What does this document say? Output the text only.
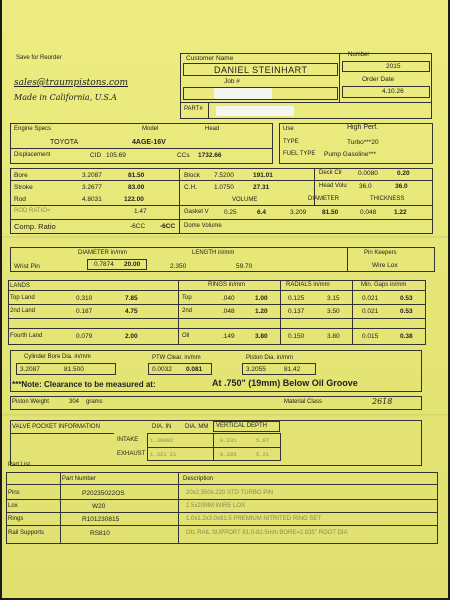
Save for Reorder
sales@traumpistons.com
Made in California, U.S.A
Customer Name	Number
DANIEL STEINHART	2015
Job #	Order Date
4.10.26
PART#
Engine Specs	Model	Head
TOYOTA	4AGE-16V
Displacement	CID 105.69	CCs 1732.66
Use	High Perf.
TYPE	Turbo***20
FUEL TYPE Pump Gasoline***
Bore	3.2087	81.50
Stroke	3.2677	83.00
Rod	4.8031	122.00
ROD RATIO=	1.47
Comp. Ratio	-6CC -6CC
Block 7.5200	191.01
C.H.	1.0750	27.31
Deck Clr 0.0080	0.20
Head Volu 36.0	36.0
VOLUME	DIAMETER	THICKNESS
Gasket V 0.25	6.4	3.209 81.50	0.048	1.22
Dome Volume
DIAMETER in/mm	LENGTH in/mm	Pin Keepers
Wrist Pin	0.7874 20.00	2.350	59.70	Wire Lox
LANDS	RINGS in/mm	RADIALS in/mm	Min. Gaps in/mm
Top Land	0.310	7.85	Top	.040	1.00	0.125	3.15	0.021	0.53
2nd Land	0.187	4.75	2nd	.048	1.20	0.137	3.50	0.021	0.53
Fourth Land	0.079	2.00	Oil	.149	3.80	0.150	3.80	0.015	0.38
Cylinder Bore Dia. in/mm
3.2087	81.500
PTW Clear. in/mm
0.0032 0.081
Piston Dia. in/mm
3.2055	81.42
***Note: Clearance to be measured at:	At .750" (19mm) Below Oil Groove
Piston Weight	304 grams	Material Class	2618
VALVE POCKET INFORMATION	DIA. IN DIA. MM VERTICAL DEPTH
INTAKE 1.36082	0.231	5.87
EXHAUST 1.321 21	0.205	5.21
Part List
Part Number	Description
Pins	P20235022OS	20x2.350x.220 STD TURBO PIN
Lox	W20	1.5x20MM WIRE LOX
Rings	R101230815	1.0x1.2x3.0x81.5 PREMIUM NITRITED RING SET
Rail Supports	RS810	OIL RAIL SUPPORT 81.0-82.5mm BORE=2.835" ROOT DIA
